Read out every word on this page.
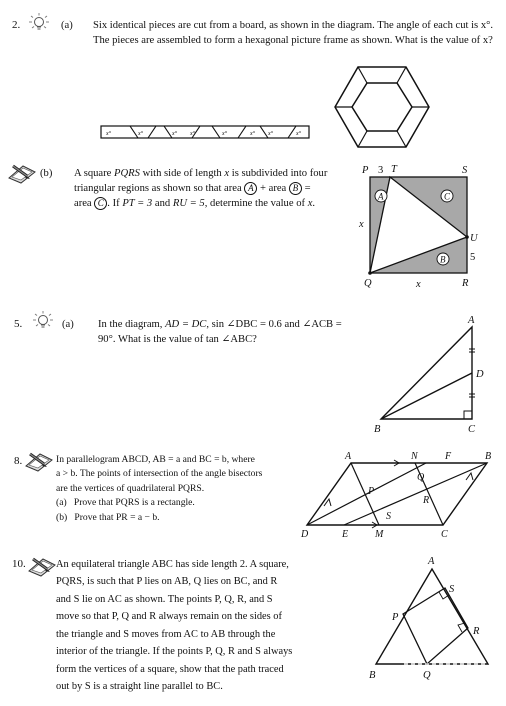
2.	(a) Six identical pieces are cut from a board, as shown in the diagram. The angle of each cut is x°. The pieces are assembled to form a hexagonal picture frame as shown. What is the value of x?
x°	x°	x° x°	x°	x° x°	x°
(b) A square PQRS with side of length x is subdivided into four triangular regions as shown so that area A + area B = area C . If PT = 3 and RU = 5, determine the value of x.
P 3 T	S
x
U
5
Q	x	R
A	C
B
5.	(a) In the diagram, AD = DC, sin ∠DBC = 0.6 and ∠ACB = 90°. What is the value of tan ∠ABC?
A
D
B	C
8.	In parallelogram ABCD, AB = a and BC = b, where
a > b. The points of intersection of the angle bisectors
are the vertices of quadrilateral PQRS.
(a) Prove that PQRS is a rectangle.
(b) Prove that PR = a − b.
A	N	F	B
Q
P
R
S
D	E	M	C
10.	An equilateral triangle ABC has side length 2. A square,
PQRS, is such that P lies on AB, Q lies on BC, and R
and S lie on AC as shown. The points P, Q, R, and S
move so that P, Q and R always remain on the sides of
the triangle and S moves from AC to AB through the
interior of the triangle. If the points P, Q, R and S always
form the vertices of a square, show that the path traced
out by S is a straight line parallel to BC.
A
S
P
R
B	Q
